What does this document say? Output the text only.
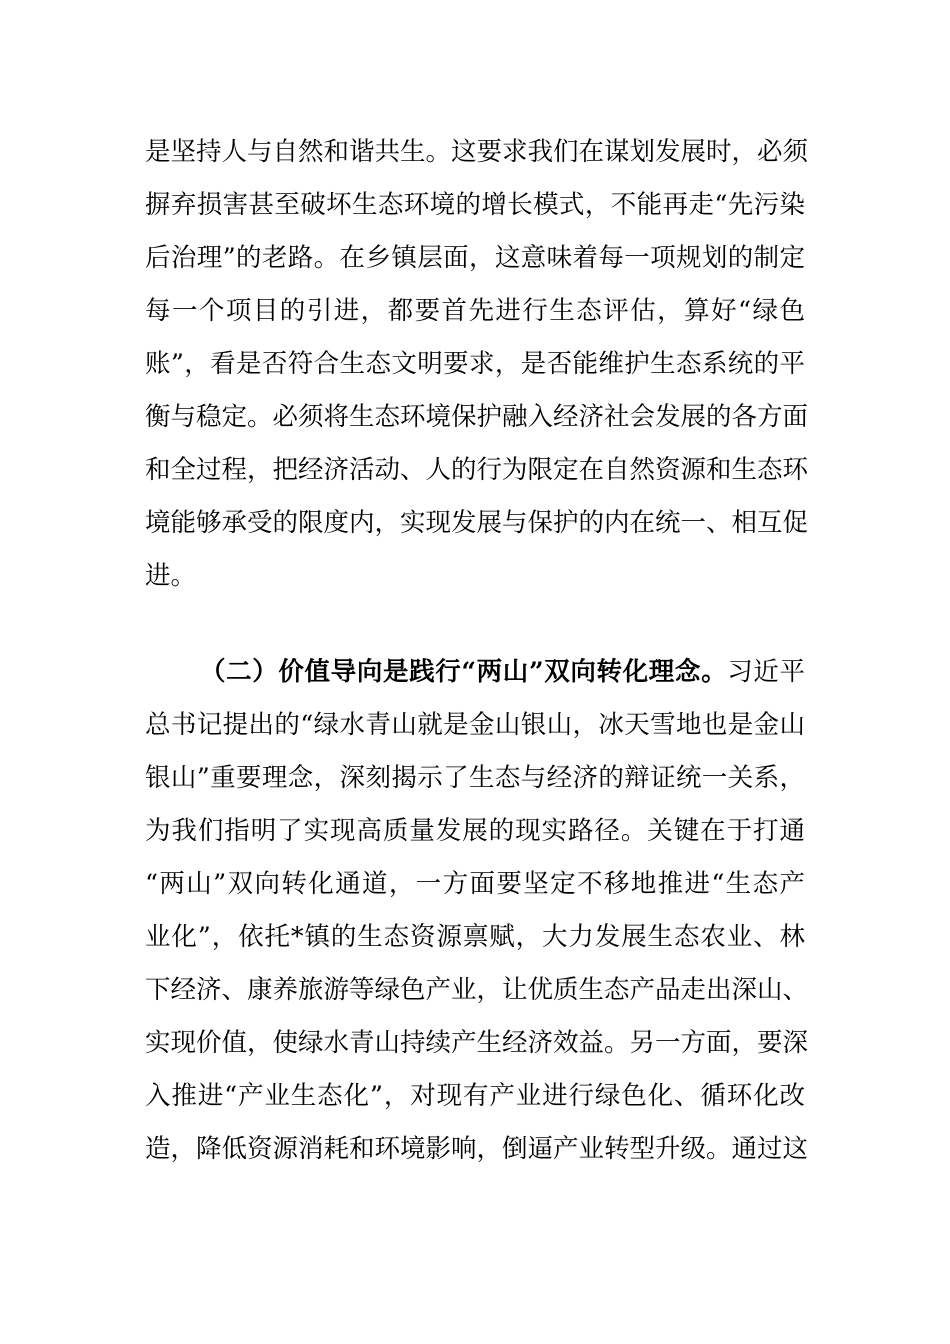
是坚持人与自然和谐共生。这要求我们在谋划发展时，必须
摒弃损害甚至破坏生态环境的增长模式，不能再走“先污染
后治理”的老路。在乡镇层面，这意味着每一项规划的制定
每一个项目的引进，都要首先进行生态评估，算好“绿色
账”，看是否符合生态文明要求，是否能维护生态系统的平
衡与稳定。必须将生态环境保护融入经济社会发展的各方面
和全过程，把经济活动、人的行为限定在自然资源和生态环
境能够承受的限度内，实现发展与保护的内在统一、相互促
进。
（二）价值导向是践行“两山”双向转化理念。习近平
总书记提出的“绿水青山就是金山银山，冰天雪地也是金山
银山”重要理念，深刻揭示了生态与经济的辩证统一关系，
为我们指明了实现高质量发展的现实路径。关键在于打通
“两山”双向转化通道，一方面要坚定不移地推进“生态产
业化”，依托*镇的生态资源禀赋，大力发展生态农业、林
下经济、康养旅游等绿色产业，让优质生态产品走出深山、
实现价值，使绿水青山持续产生经济效益。另一方面，要深
入推进“产业生态化”，对现有产业进行绿色化、循环化改
造，降低资源消耗和环境影响，倒逼产业转型升级。通过这
